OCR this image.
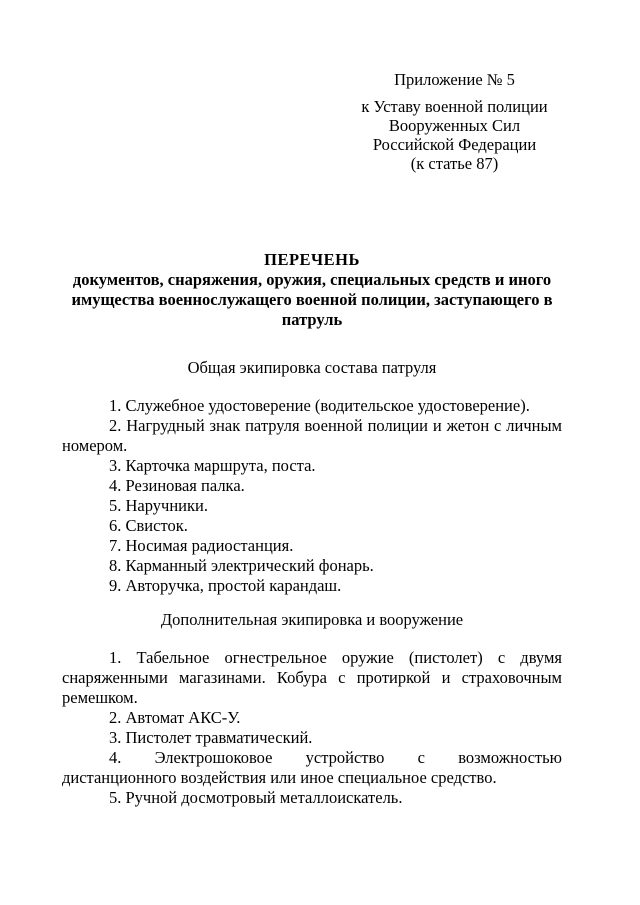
Приложение № 5
к Уставу военной полиции
Вооруженных Сил
Российской Федерации
(к статье 87)
ПЕРЕЧЕНЬ
документов, снаряжения, оружия, специальных средств и иного имущества военнослужащего военной полиции, заступающего в патруль
Общая экипировка состава патруля

1. Служебное удостоверение (водительское удостоверение).

2. Нагрудный знак патруля военной полиции и жетон с личным номером.

3. Карточка маршрута, поста.

4. Резиновая палка.

5. Наручники.

6. Свисток.

7. Носимая радиостанция.

8. Карманный электрический фонарь.

9. Авторучка, простой карандаш.

Дополнительная экипировка и вооружение

1. Табельное огнестрельное оружие (пистолет) с двумя снаряженными магазинами. Кобура с протиркой и страховочным ремешком.

2. Автомат АКС-У.

3. Пистолет травматический.

4. Электрошоковое устройство с возможностью дистанционного воздействия или иное специальное средство.

5. Ручной досмотровый металлоискатель.
